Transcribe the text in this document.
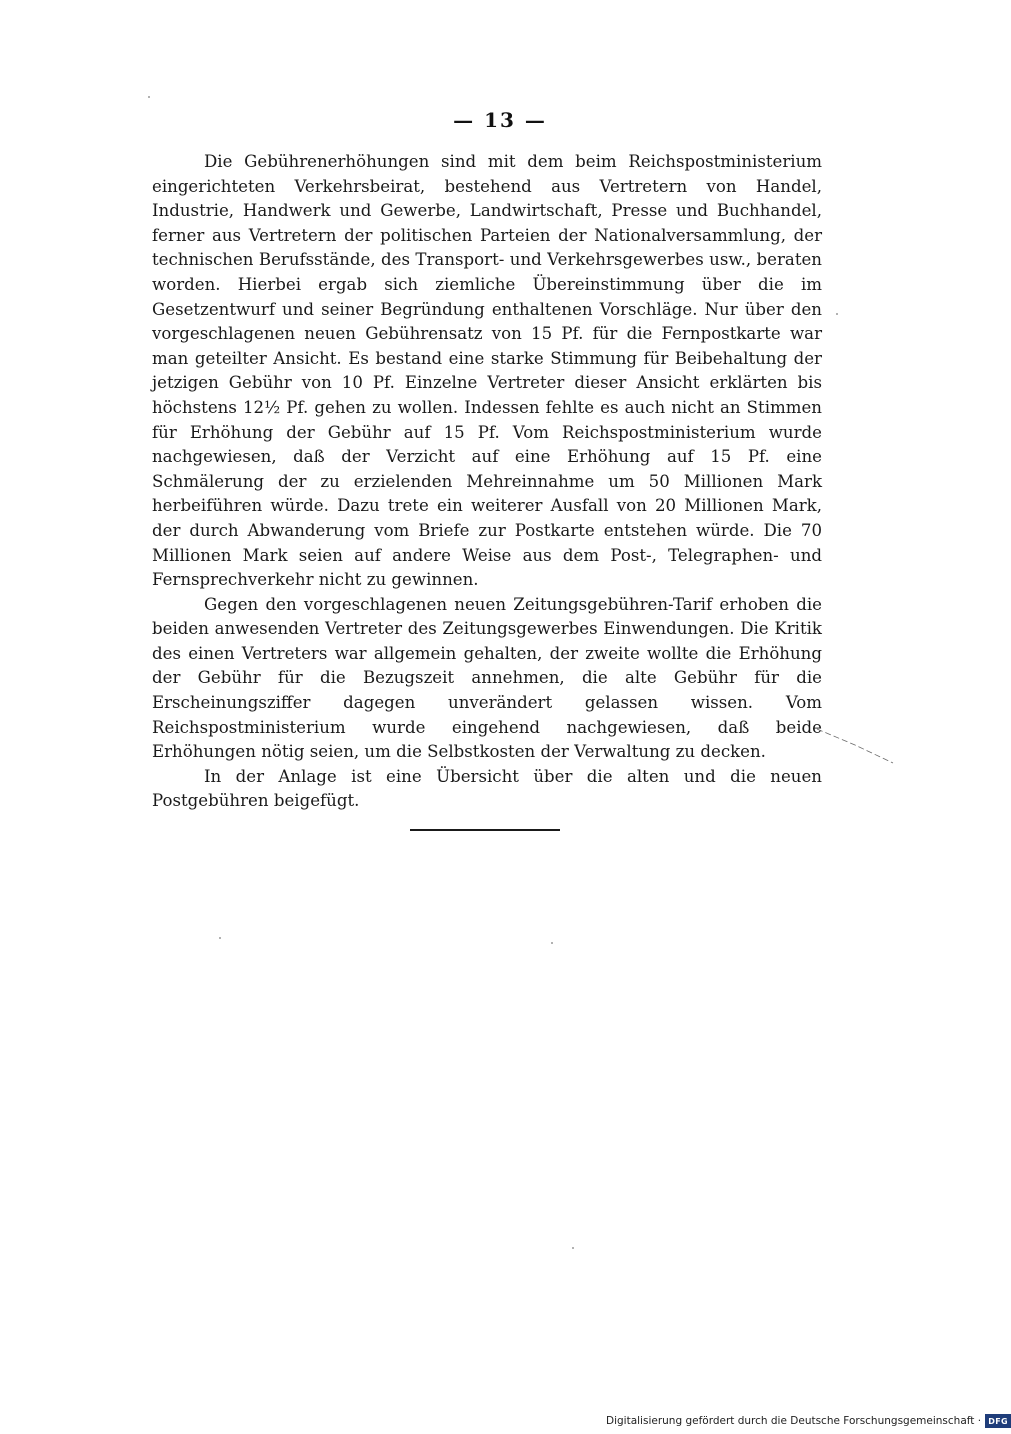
— 13 —

Die Gebührenerhöhungen sind mit dem beim Reichspostministerium eingerichteten Verkehrsbeirat, bestehend aus Vertretern von Handel, Industrie, Handwerk und Gewerbe, Landwirtschaft, Presse und Buchhandel, ferner aus Vertretern der politischen Parteien der Nationalversammlung, der technischen Berufsstände, des Transport- und Verkehrsgewerbes usw., beraten worden. Hierbei ergab sich ziemliche Übereinstimmung über die im Gesetzentwurf und seiner Begründung enthaltenen Vorschläge. Nur über den vorgeschlagenen neuen Gebührensatz von 15 Pf. für die Fernpostkarte war man geteilter Ansicht. Es bestand eine starke Stimmung für Beibehaltung der jetzigen Gebühr von 10 Pf. Einzelne Vertreter dieser Ansicht erklärten bis höchstens 12½ Pf. gehen zu wollen. Indessen fehlte es auch nicht an Stimmen für Erhöhung der Gebühr auf 15 Pf. Vom Reichspostministerium wurde nachgewiesen, daß der Verzicht auf eine Erhöhung auf 15 Pf. eine Schmälerung der zu erzielenden Mehreinnahme um 50 Millionen Mark herbeiführen würde. Dazu trete ein weiterer Ausfall von 20 Millionen Mark, der durch Abwanderung vom Briefe zur Postkarte entstehen würde. Die 70 Millionen Mark seien auf andere Weise aus dem Post-, Telegraphen- und Fernsprechverkehr nicht zu gewinnen.

Gegen den vorgeschlagenen neuen Zeitungsgebühren-Tarif erhoben die beiden anwesenden Vertreter des Zeitungsgewerbes Einwendungen. Die Kritik des einen Vertreters war allgemein gehalten, der zweite wollte die Erhöhung der Gebühr für die Bezugszeit annehmen, die alte Gebühr für die Erscheinungsziffer dagegen unverändert gelassen wissen. Vom Reichspostministerium wurde eingehend nachgewiesen, daß beide Erhöhungen nötig seien, um die Selbstkosten der Verwaltung zu decken.

In der Anlage ist eine Übersicht über die alten und die neuen Postgebühren beigefügt.

Digitalisierung gefördert durch die Deutsche Forschungsgemeinschaft · DFG
